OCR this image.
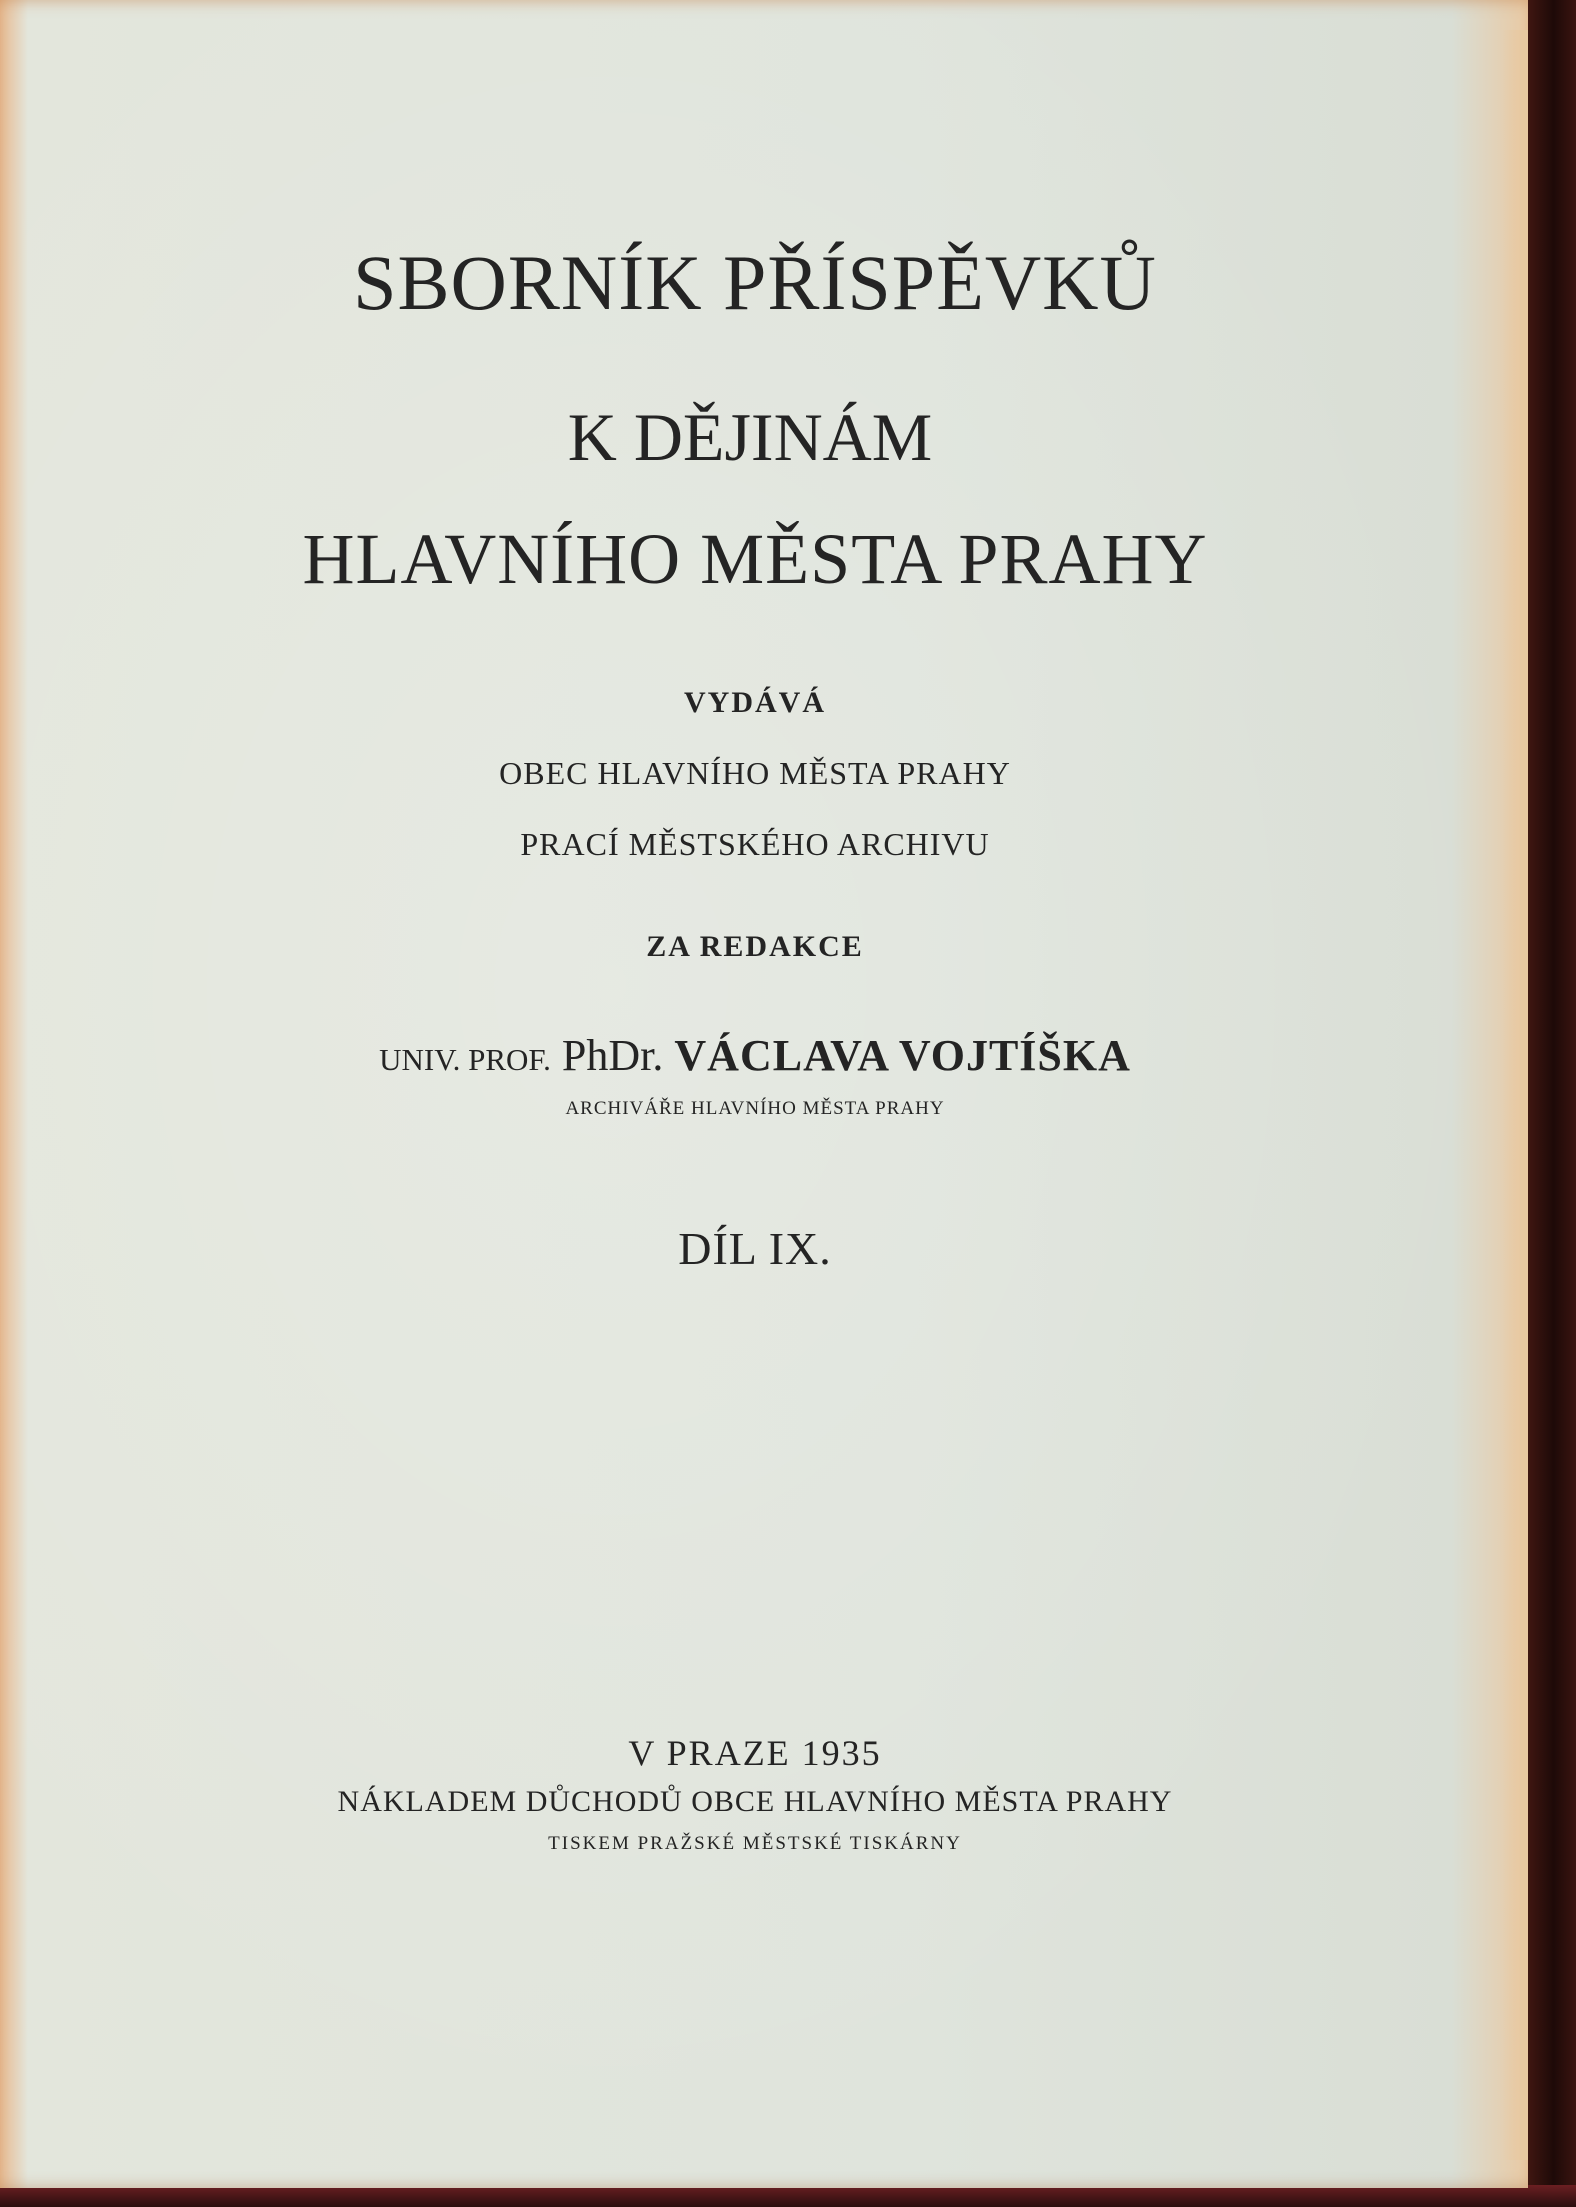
SBORNÍK PŘÍSPĚVKŮ
K DĚJINÁM
HLAVNÍHO MĚSTA PRAHY
VYDÁVÁ
OBEC HLAVNÍHO MĚSTA PRAHY
PRACÍ MĚSTSKÉHO ARCHIVU
ZA REDAKCE
UNIV. PROF. PhDr. VÁCLAVA VOJTÍŠKA
ARCHIVÁŘE HLAVNÍHO MĚSTA PRAHY
DÍL IX.
V PRAZE 1935
NÁKLADEM DŮCHODŮ OBCE HLAVNÍHO MĚSTA PRAHY
TISKEM PRAŽSKÉ MĚSTSKÉ TISKÁRNY
